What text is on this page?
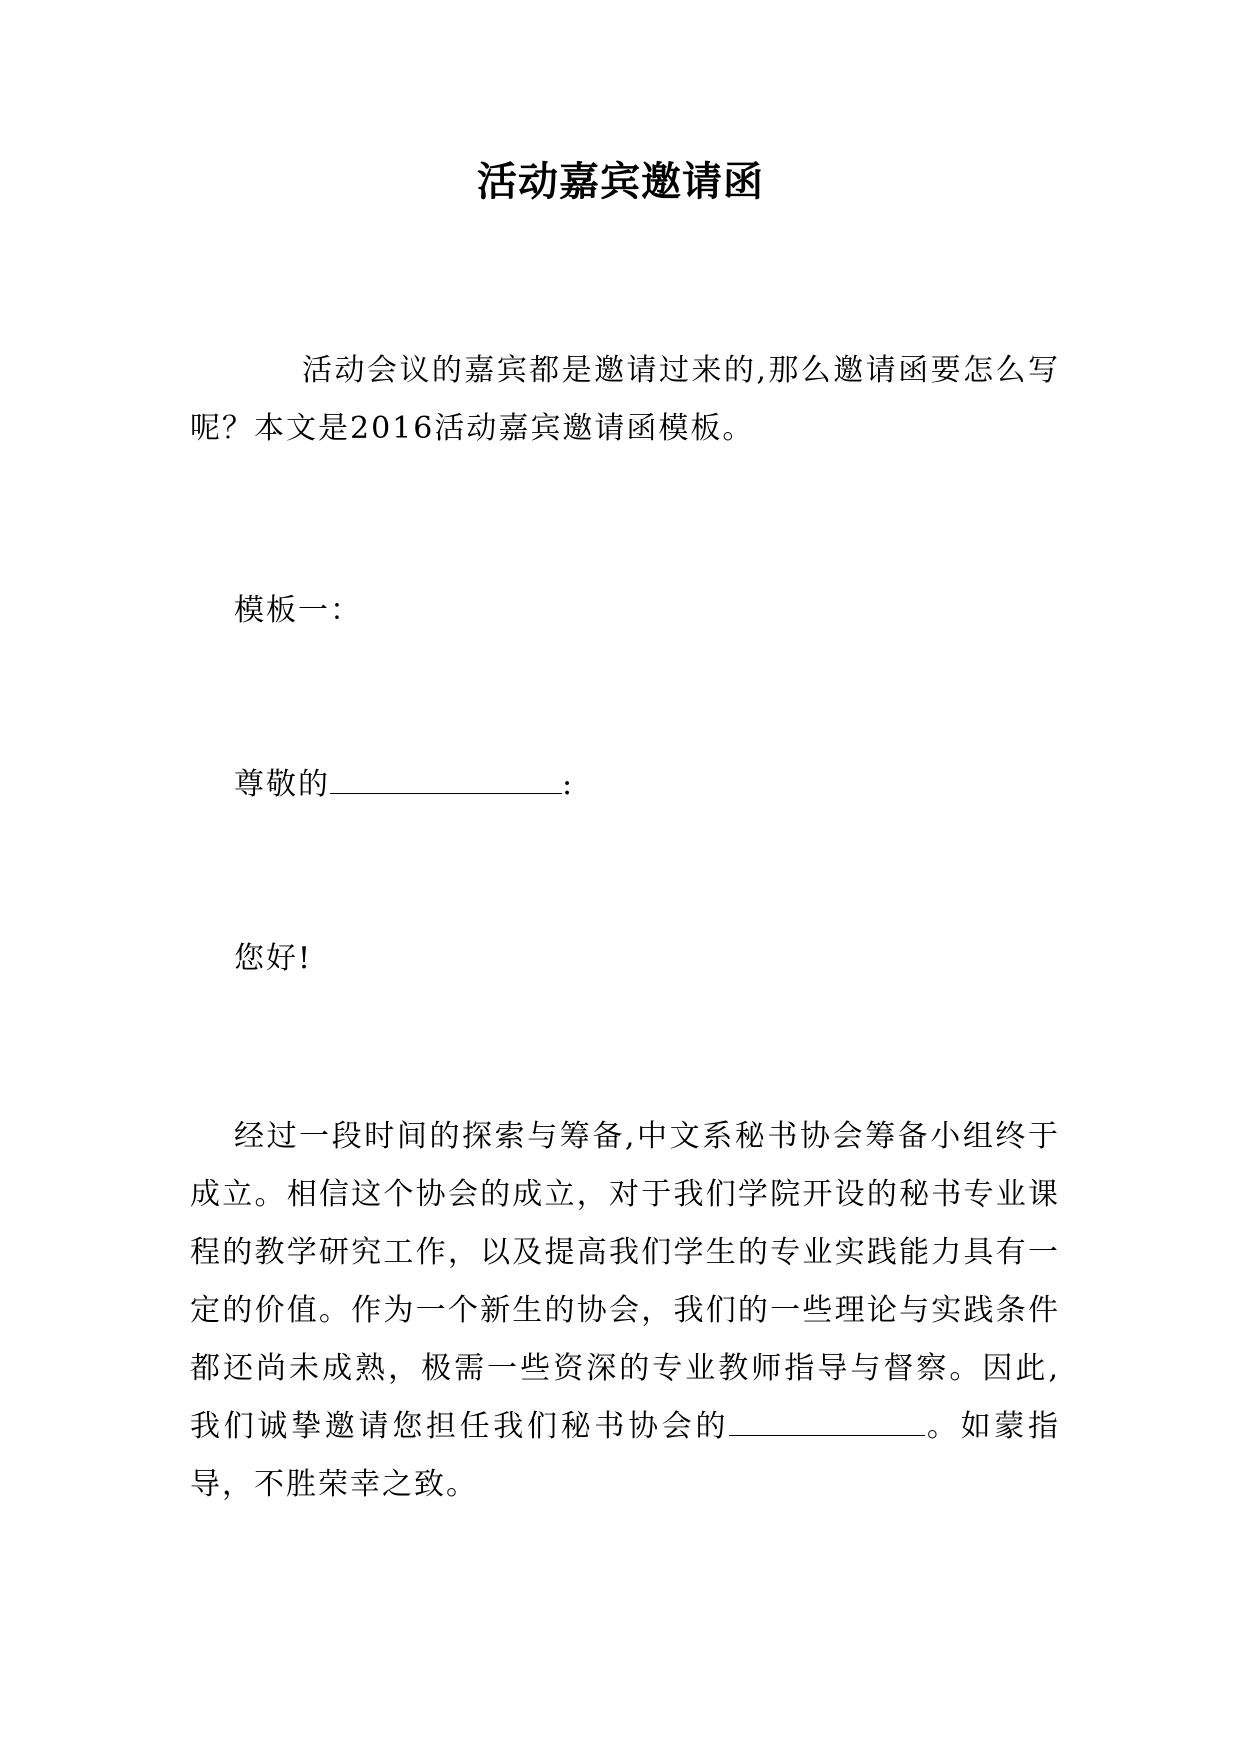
活动嘉宾邀请函

活动会议的嘉宾都是邀请过来的,那么邀请函要怎么写呢？本文是2016活动嘉宾邀请函模板。

模板一：

尊敬的	:

您好!

经过一段时间的探索与筹备,中文系秘书协会筹备小组终于成立。相信这个协会的成立，对于我们学院开设的秘书专业课程的教学研究工作，以及提高我们学生的专业实践能力具有一定的价值。作为一个新生的协会，我们的一些理论与实践条件都还尚未成熟，极需一些资深的专业教师指导与督察。因此,我们诚挚邀请您担任我们秘书协会的	。如蒙指导，不胜荣幸之致。
